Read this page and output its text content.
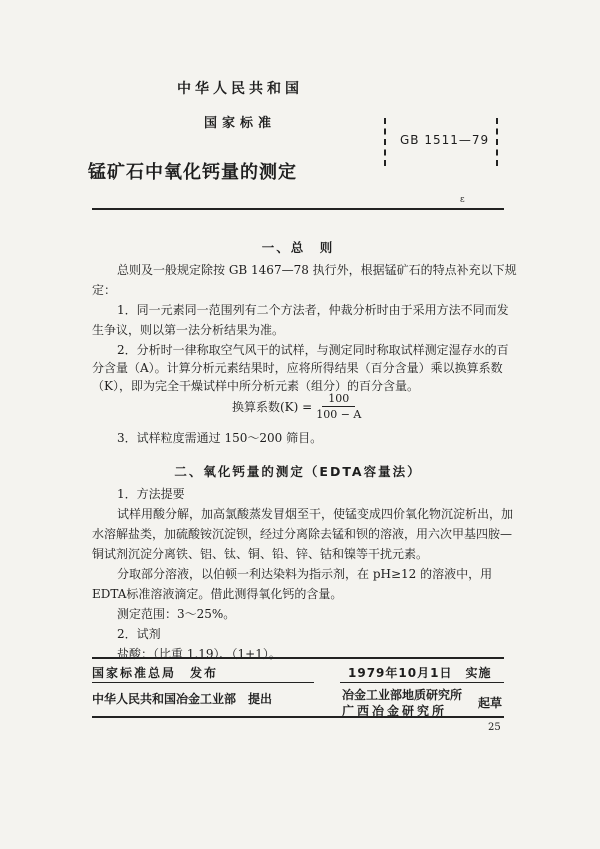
中华人民共和国
国家标准
锰矿石中氧化钙量的测定
GB 1511—79
ɛ
一、总　则
总则及一般规定除按 GB 1467—78 执行外，根据锰矿石的特点补充以下规
定：
1．同一元素同一范围列有二个方法者，仲裁分析时由于采用方法不同而发
生争议，则以第一法分析结果为准。
2．分析时一律称取空气风干的试样，与测定同时称取试样测定湿存水的百
分含量（A）。计算分析元素结果时，应将所得结果（百分含量）乘以换算系数
（K），即为完全干燥试样中所分析元素（组分）的百分含量。
换算系数$(K) = \frac{100}{100 - A}$
3．试样粒度需通过 150～200 筛目。
二、氧化钙量的测定（EDTA容量法）
1．方法提要
试样用酸分解，加高氯酸蒸发冒烟至干，使锰变成四价氧化物沉淀析出，加
水溶解盐类，加硫酸铵沉淀钡，经过分离除去锰和钡的溶液，用六次甲基四胺—
铜试剂沉淀分离铁、铝、钛、铜、铅、锌、钴和镍等干扰元素。
分取部分溶液，以伯顿一利达染料为指示剂，在 pH≥12 的溶液中，用
EDTA标准溶液滴定。借此测得氧化钙的含量。
测定范围：3～25%。
2．试剂
盐酸：（比重 1.19）、（1+1）。
国家标准总局　发布	1979年10月1日　实施
中华人民共和国冶金工业部　提出	冶金工业部地质研究所
广西冶金研究所
起草
25
